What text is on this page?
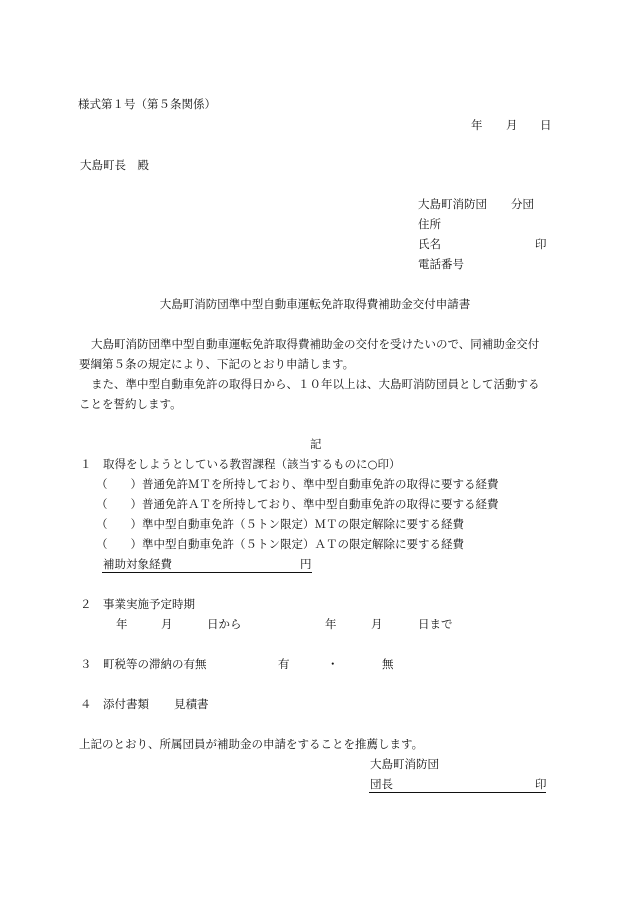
様式第１号（第５条関係）
年 月 日
大島町長　殿
大島町消防団 分団
住所
氏名	印
電話番号
大島町消防団準中型自動車運転免許取得費補助金交付申請書
大島町消防団準中型自動車運転免許取得費補助金の交付を受けたいので、同補助金交付
要綱第５条の規定により、下記のとおり申請します。
また、準中型自動車免許の取得日から、１０年以上は、大島町消防団員として活動する
ことを誓約します。
記
１　取得をしようとしている教習課程（該当するものに○印）
（　　）普通免許ＭＴを所持しており、準中型自動車免許の取得に要する経費
（　　）普通免許ＡＴを所持しており、準中型自動車免許の取得に要する経費
（　　）準中型自動車免許（５トン限定）ＭＴの限定解除に要する経費
（　　）準中型自動車免許（５トン限定）ＡＴの限定解除に要する経費
補助対象経費	円
２　事業実施予定時期
年	月	日から	年	月	日まで
３　町税等の滞納の有無	有	・	無
４　添付書類 見積書
上記のとおり、所属団員が補助金の申請をすることを推薦します。
大島町消防団
団長	印
